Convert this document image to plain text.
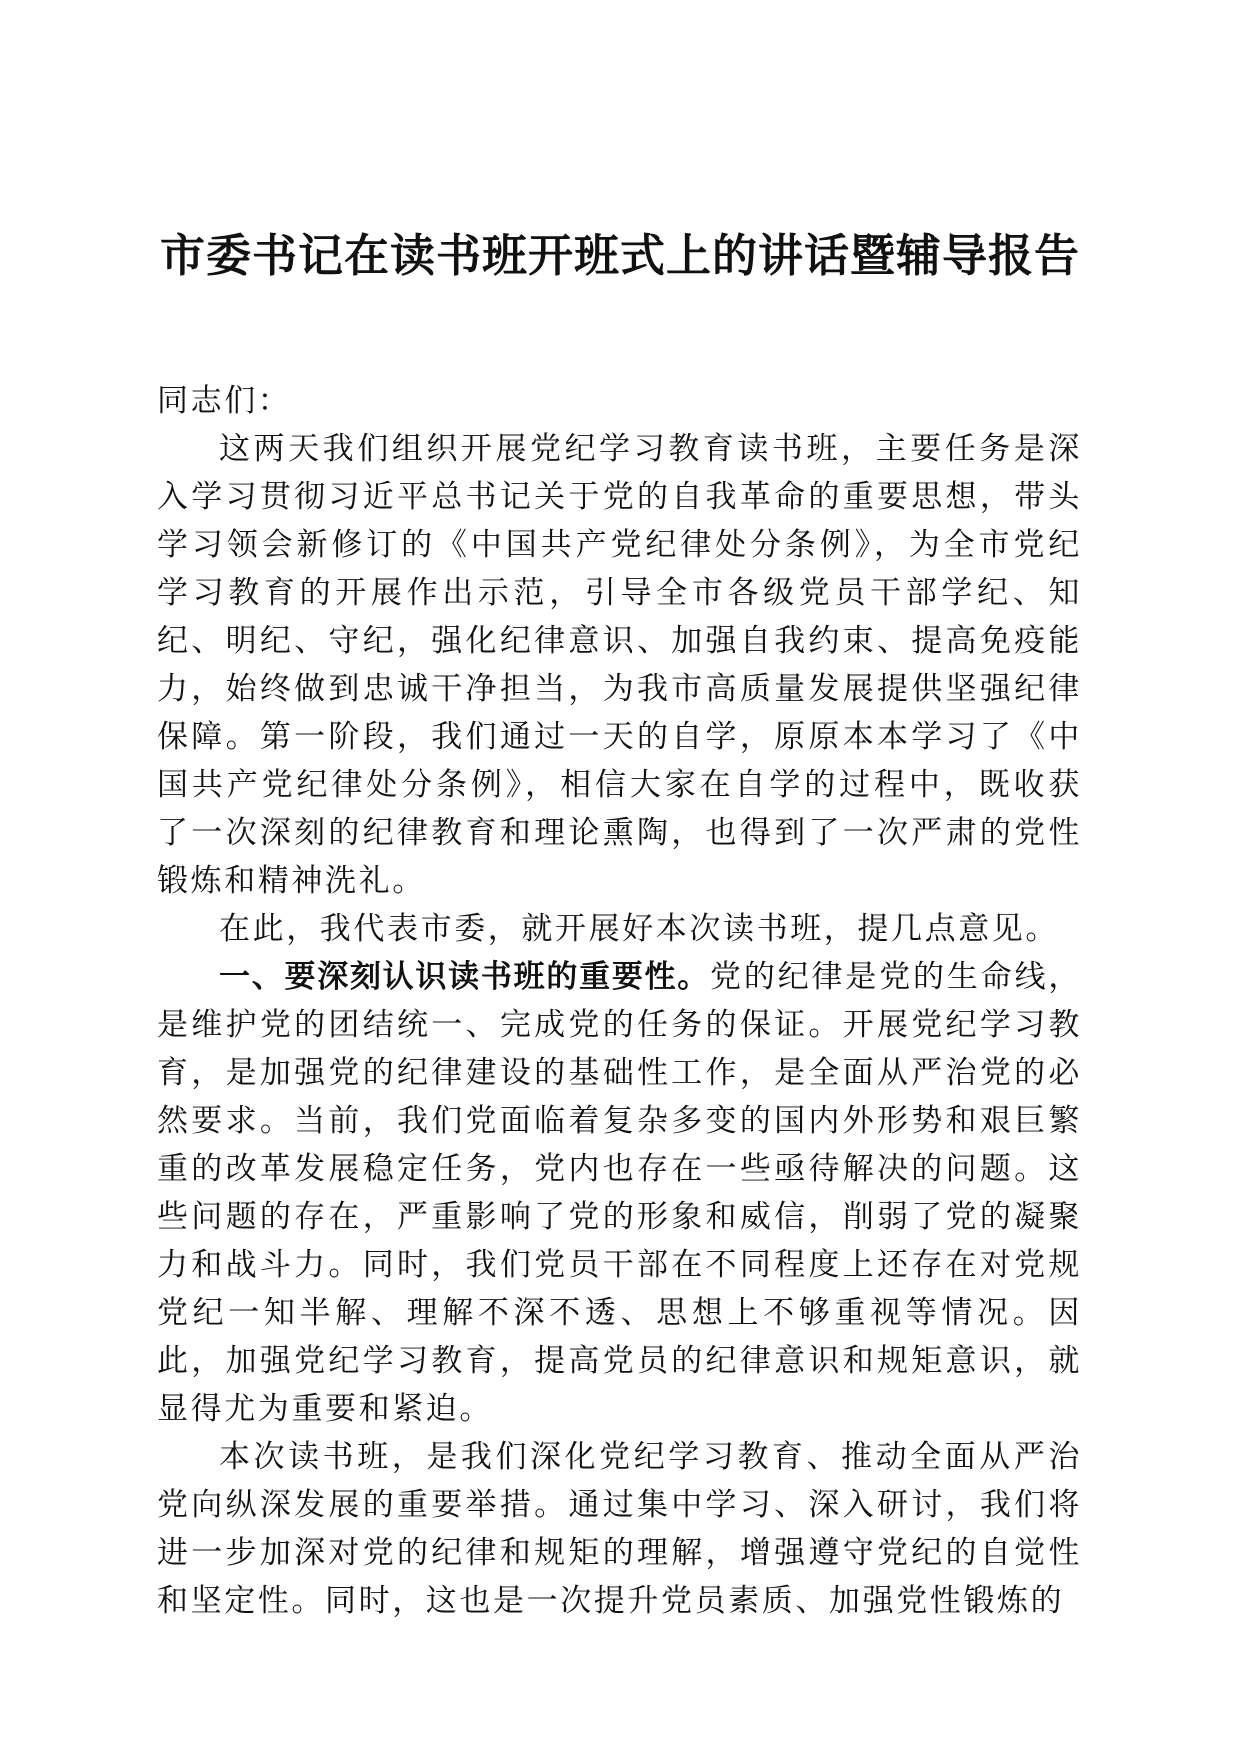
市委书记在读书班开班式上的讲话暨辅导报告

同志们：

这两天我们组织开展党纪学习教育读书班，主要任务是深入学习贯彻习近平总书记关于党的自我革命的重要思想，带头学习领会新修订的《中国共产党纪律处分条例》，为全市党纪学习教育的开展作出示范，引导全市各级党员干部学纪、知纪、明纪、守纪，强化纪律意识、加强自我约束、提高免疫能力，始终做到忠诚干净担当，为我市高质量发展提供坚强纪律保障。第一阶段，我们通过一天的自学，原原本本学习了《中国共产党纪律处分条例》，相信大家在自学的过程中，既收获了一次深刻的纪律教育和理论熏陶，也得到了一次严肃的党性锻炼和精神洗礼。

在此，我代表市委，就开展好本次读书班，提几点意见。

一、要深刻认识读书班的重要性。党的纪律是党的生命线，是维护党的团结统一、完成党的任务的保证。开展党纪学习教育，是加强党的纪律建设的基础性工作，是全面从严治党的必然要求。当前，我们党面临着复杂多变的国内外形势和艰巨繁重的改革发展稳定任务，党内也存在一些亟待解决的问题。这些问题的存在，严重影响了党的形象和威信，削弱了党的凝聚力和战斗力。同时，我们党员干部在不同程度上还存在对党规党纪一知半解、理解不深不透、思想上不够重视等情况。因此，加强党纪学习教育，提高党员的纪律意识和规矩意识，就显得尤为重要和紧迫。

本次读书班，是我们深化党纪学习教育、推动全面从严治党向纵深发展的重要举措。通过集中学习、深入研讨，我们将进一步加深对党的纪律和规矩的理解，增强遵守党纪的自觉性和坚定性。同时，这也是一次提升党员素质、加强党性锻炼的
